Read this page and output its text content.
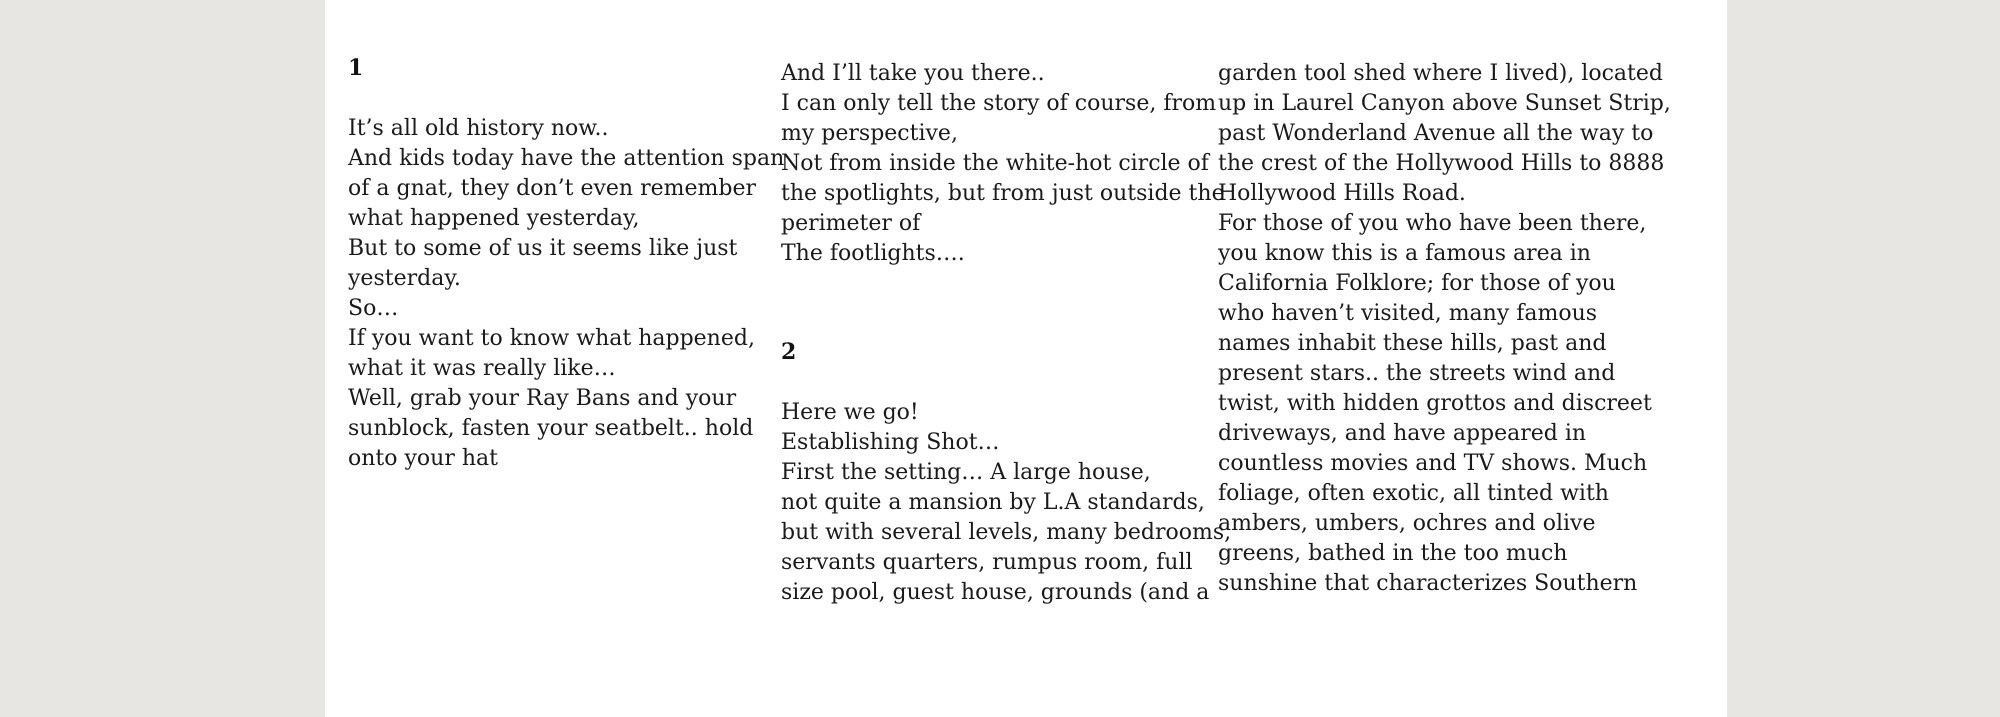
1
It’s all old history now..
And kids today have the attention span
of a gnat, they don’t even remember
what happened yesterday,
But to some of us it seems like just
yesterday.
So…
If you want to know what happened,
what it was really like…
Well, grab your Ray Bans and your
sunblock, fasten your seatbelt.. hold
onto your hat
And I’ll take you there..
I can only tell the story of course, from
my perspective,
Not from inside the white-hot circle of
the spotlights, but from just outside the
perimeter of
The footlights….
2
Here we go!
Establishing Shot…
First the setting… A large house,
not quite a mansion by L.A standards,
but with several levels, many bedrooms,
servants quarters, rumpus room, full
size pool, guest house, grounds (and a
garden tool shed where I lived), located
up in Laurel Canyon above Sunset Strip,
past Wonderland Avenue all the way to
the crest of the Hollywood Hills to 8888
Hollywood Hills Road.
For those of you who have been there,
you know this is a famous area in
California Folklore; for those of you
who haven’t visited, many famous
names inhabit these hills, past and
present stars.. the streets wind and
twist, with hidden grottos and discreet
driveways, and have appeared in
countless movies and TV shows. Much
foliage, often exotic, all tinted with
ambers, umbers, ochres and olive
greens, bathed in the too much
sunshine that characterizes Southern
